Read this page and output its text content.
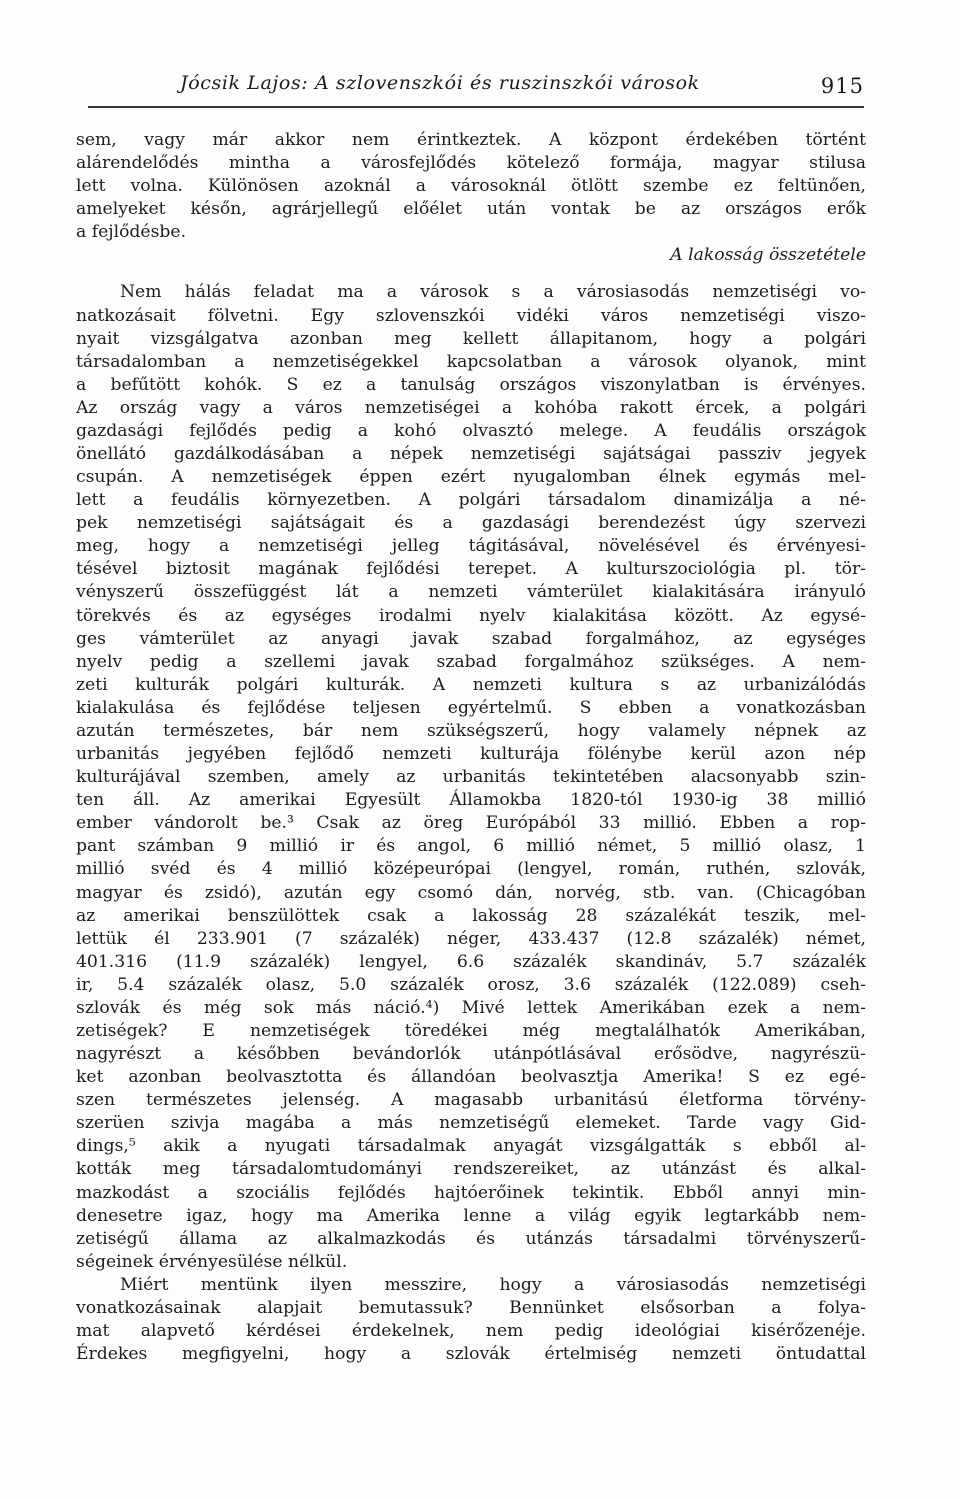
Jócsik Lajos: A szlovenszkói és ruszinszkói városok	915
sem, vagy már akkor nem érintkeztek. A központ érdekében történt
alárendelődés mintha a városfejlődés kötelező formája, magyar stilusa
lett volna. Különösen azoknál a városoknál ötlött szembe ez feltünően,
amelyeket későn, agrárjellegű előélet után vontak be az országos erők
a fejlődésbe.
A lakosság összetétele
Nem hálás feladat ma a városok s a városiasodás nemzetiségi vo-
natkozásait fölvetni. Egy szlovenszkói vidéki város nemzetiségi viszo-
nyait vizsgálgatva azonban meg kellett állapitanom, hogy a polgári
társadalomban a nemzetiségekkel kapcsolatban a városok olyanok, mint
a befűtött kohók. S ez a tanulság országos viszonylatban is érvényes.
Az ország vagy a város nemzetiségei a kohóba rakott ércek, a polgári
gazdasági fejlődés pedig a kohó olvasztó melege. A feudális országok
önellátó gazdálkodásában a népek nemzetiségi sajátságai passziv jegyek
csupán. A nemzetiségek éppen ezért nyugalomban élnek egymás mel-
lett a feudális környezetben. A polgári társadalom dinamizálja a né-
pek nemzetiségi sajátságait és a gazdasági berendezést úgy szervezi
meg, hogy a nemzetiségi jelleg tágitásával, növelésével és érvényesi-
tésével biztosit magának fejlődési terepet. A kulturszociológia pl. tör-
vényszerű összefüggést lát a nemzeti vámterület kialakitására irányuló
törekvés és az egységes irodalmi nyelv kialakitása között. Az egysé-
ges vámterület az anyagi javak szabad forgalmához, az egységes
nyelv pedig a szellemi javak szabad forgalmához szükséges. A nem-
zeti kulturák polgári kulturák. A nemzeti kultura s az urbanizálódás
kialakulása és fejlődése teljesen egyértelmű. S ebben a vonatkozásban
azután természetes, bár nem szükségszerű, hogy valamely népnek az
urbanitás jegyében fejlődő nemzeti kulturája fölénybe kerül azon nép
kulturájával szemben, amely az urbanitás tekintetében alacsonyabb szin-
ten áll. Az amerikai Egyesült Államokba 1820-tól 1930-ig 38 millió
ember vándorolt be.³ Csak az öreg Európából 33 millió. Ebben a rop-
pant számban 9 millió ir és angol, 6 millió német, 5 millió olasz, 1
millió svéd és 4 millió középeurópai (lengyel, román, ruthén, szlovák,
magyar és zsidó), azután egy csomó dán, norvég, stb. van. (Chicagóban
az amerikai benszülöttek csak a lakosság 28 százalékát teszik, mel-
lettük él 233.901 (7 százalék) néger, 433.437 (12.8 százalék) német,
401.316 (11.9 százalék) lengyel, 6.6 százalék skandináv, 5.7 százalék
ir, 5.4 százalék olasz, 5.0 százalék orosz, 3.6 százalék (122.089) cseh-
szlovák és még sok más náció.⁴) Mivé lettek Amerikában ezek a nem-
zetiségek? E nemzetiségek töredékei még megtalálhatók Amerikában,
nagyrészt a későbben bevándorlók utánpótlásával erősödve, nagyrészü-
ket azonban beolvasztotta és állandóan beolvasztja Amerika! S ez egé-
szen természetes jelenség. A magasabb urbanitású életforma törvény-
szerüen szivja magába a más nemzetiségű elemeket. Tarde vagy Gid-
dings,⁵ akik a nyugati társadalmak anyagát vizsgálgatták s ebből al-
kották meg társadalomtudományi rendszereiket, az utánzást és alkal-
mazkodást a szociális fejlődés hajtóerőinek tekintik. Ebből annyi min-
denesetre igaz, hogy ma Amerika lenne a világ egyik legtarkább nem-
zetiségű állama az alkalmazkodás és utánzás társadalmi törvényszerű-
ségeinek érvényesülése nélkül.
Miért mentünk ilyen messzire, hogy a városiasodás nemzetiségi
vonatkozásainak alapjait bemutassuk? Bennünket elsősorban a folya-
mat alapvető kérdései érdekelnek, nem pedig ideológiai kisérőzenéje.
Érdekes megfigyelni, hogy a szlovák értelmiség nemzeti öntudattal
